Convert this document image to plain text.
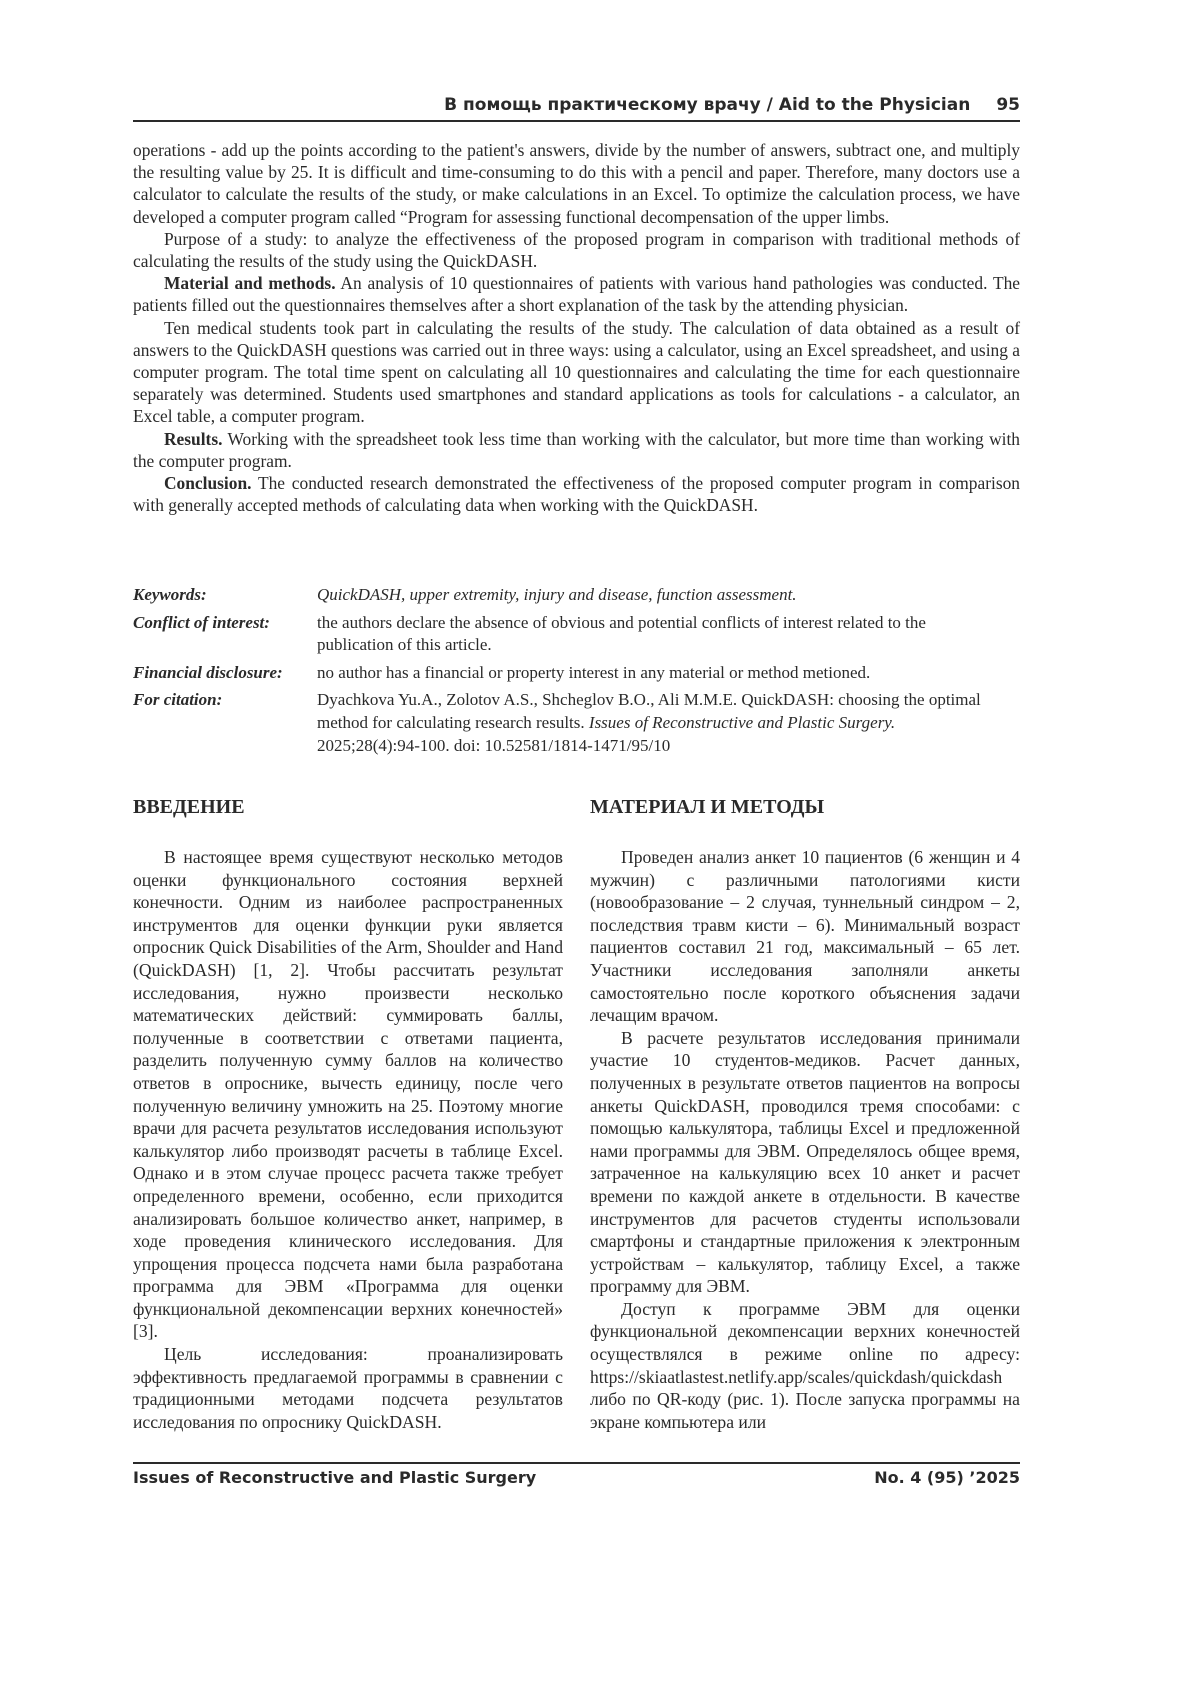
В помощь практическому врачу / Aid to the Physician 95

operations - add up the points according to the patient's answers, divide by the number of answers, subtract one, and multiply the resulting value by 25. It is difficult and time-consuming to do this with a pencil and paper. Therefore, many doctors use a calculator to calculate the results of the study, or make calculations in an Excel. To optimize the calculation process, we have developed a computer program called “Program for assessing functional decompensation of the upper limbs.

Purpose of a study: to analyze the effectiveness of the proposed program in comparison with traditional methods of calculating the results of the study using the QuickDASH.

Material and methods. An analysis of 10 questionnaires of patients with various hand pathologies was conducted. The patients filled out the questionnaires themselves after a short explanation of the task by the attending physician.

Ten medical students took part in calculating the results of the study. The calculation of data obtained as a result of answers to the QuickDASH questions was carried out in three ways: using a calculator, using an Excel spreadsheet, and using a computer program. The total time spent on calculating all 10 questionnaires and calculating the time for each questionnaire separately was determined. Students used smartphones and standard applications as tools for calculations - a calculator, an Excel table, a computer program.

Results. Working with the spreadsheet took less time than working with the calculator, but more time than working with the computer program.

Conclusion. The conducted research demonstrated the effectiveness of the proposed computer program in comparison with generally accepted methods of calculating data when working with the QuickDASH.

Keywords:	QuickDASH, upper extremity, injury and disease, function assessment.
Conflict of interest:	the authors declare the absence of obvious and potential conflicts of interest related to the publication of this article.
Financial disclosure:	no author has a financial or property interest in any material or method metioned.
For citation:	Dyachkova Yu.A., Zolotov A.S., Shcheglov B.O., Ali M.M.E. QuickDASH: choosing the optimal method for calculating research results. Issues of Reconstructive and Plastic Surgery. 2025;28(4):94-100. doi: 10.52581/1814-1471/95/10
ВВЕДЕНИЕ

В настоящее время существуют несколько методов оценки функционального состояния верхней конечности. Одним из наиболее распространенных инструментов для оценки функции руки является опросник Quick Disabilities of the Arm, Shoulder and Hand (QuickDASH) [1, 2]. Чтобы рассчитать результат исследования, нужно произвести несколько математических действий: суммировать баллы, полученные в соответствии с ответами пациента, разделить полученную сумму баллов на количество ответов в опроснике, вычесть единицу, после чего полученную величину умножить на 25. Поэтому многие врачи для расчета результатов исследования используют калькулятор либо производят расчеты в таблице Excel. Однако и в этом случае процесс расчета также требует определенного времени, особенно, если приходится анализировать большое количество анкет, например, в ходе проведения клинического исследования. Для упрощения процесса подсчета нами была разработана программа для ЭВМ «Программа для оценки функциональной декомпенсации верхних конечностей» [3].

Цель исследования: проанализировать эффективность предлагаемой программы в сравнении с традиционными методами подсчета результатов исследования по опроснику QuickDASH.

МАТЕРИАЛ И МЕТОДЫ

Проведен анализ анкет 10 пациентов (6 женщин и 4 мужчин) с различными патологиями кисти (новообразование – 2 случая, туннельный синдром – 2, последствия травм кисти – 6). Минимальный возраст пациентов составил 21 год, максимальный – 65 лет. Участники исследования заполняли анкеты самостоятельно после короткого объяснения задачи лечащим врачом.

В расчете результатов исследования принимали участие 10 студентов-медиков. Расчет данных, полученных в результате ответов пациентов на вопросы анкеты QuickDASH, проводился тремя способами: с помощью калькулятора, таблицы Excel и предложенной нами программы для ЭВМ. Определялось общее время, затраченное на калькуляцию всех 10 анкет и расчет времени по каждой анкете в отдельности. В качестве инструментов для расчетов студенты использовали смартфоны и стандартные приложения к электронным устройствам – калькулятор, таблицу Excel, а также программу для ЭВМ.

Доступ к программе ЭВМ для оценки функциональной декомпенсации верхних конечностей осуществлялся в режиме online по адресу: https://skiaatlastest.netlify.app/scales/quickdash/quickdash либо по QR-коду (рис. 1). После запуска программы на экране компьютера или

Issues of Reconstructive and Plastic Surgery	No. 4 (95) ’2025
